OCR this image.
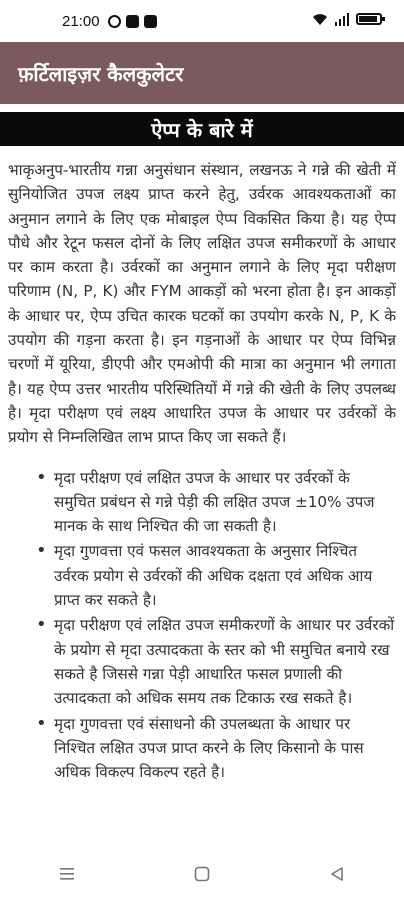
21:00
फ़र्टिलाइज़र कैलकुलेटर
ऐप्प के बारे में

भाकृअनुप-भारतीय गन्ना अनुसंधान संस्थान, लखनऊ ने गन्ने की खेती में सुनियोजित उपज लक्ष्य प्राप्त करने हेतु, उर्वरक आवश्यकताओं का अनुमान लगाने के लिए एक मोबाइल ऐप्प विकसित किया है। यह ऐप्प पौधे और रेटून फसल दोनों के लिए लक्षित उपज समीकरणों के आधार पर काम करता है। उर्वरकों का अनुमान लगाने के लिए मृदा परीक्षण परिणाम (N, P, K) और FYM आकड़ों को भरना होता है। इन आकड़ों के आधार पर, ऐप्प उचित कारक घटकों का उपयोग करके N, P, K के उपयोग की गड़ना करता है। इन गड़नाओं के आधार पर ऐप्प विभिन्न चरणों में यूरिया, डीएपी और एमओपी की मात्रा का अनुमान भी लगाता है। यह ऐप्प उत्तर भारतीय परिस्थितियों में गन्ने की खेती के लिए उपलब्ध है। मृदा परीक्षण एवं लक्ष्य आधारित उपज के आधार पर उर्वरकों के प्रयोग से निम्नलिखित लाभ प्राप्त किए जा सकते हैं।

• मृदा परीक्षण एवं लक्षित उपज के आधार पर उर्वरकों के समुचित प्रबंधन से गन्ने पेड़ी की लक्षित उपज ±10% उपज मानक के साथ निश्चित की जा सकती है।
• मृदा गुणवत्ता एवं फसल आवश्यकता के अनुसार निश्चित उर्वरक प्रयोग से उर्वरकों की अधिक दक्षता एवं अधिक आय प्राप्त कर सकते है।
• मृदा परीक्षण एवं लक्षित उपज समीकरणों के आधार पर उर्वरकों के प्रयोग से मृदा उत्पादकता के स्तर को भी समुचित बनाये रख सकते है जिससे गन्ना पेड़ी आधारित फसल प्रणाली की उत्पादकता को अधिक समय तक टिकाऊ रख सकते है।
• मृदा गुणवत्ता एवं संसाधनो की उपलब्धता के आधार पर निश्चित लक्षित उपज प्राप्त करने के लिए किसानो के पास अधिक विकल्प विकल्प रहते है।
